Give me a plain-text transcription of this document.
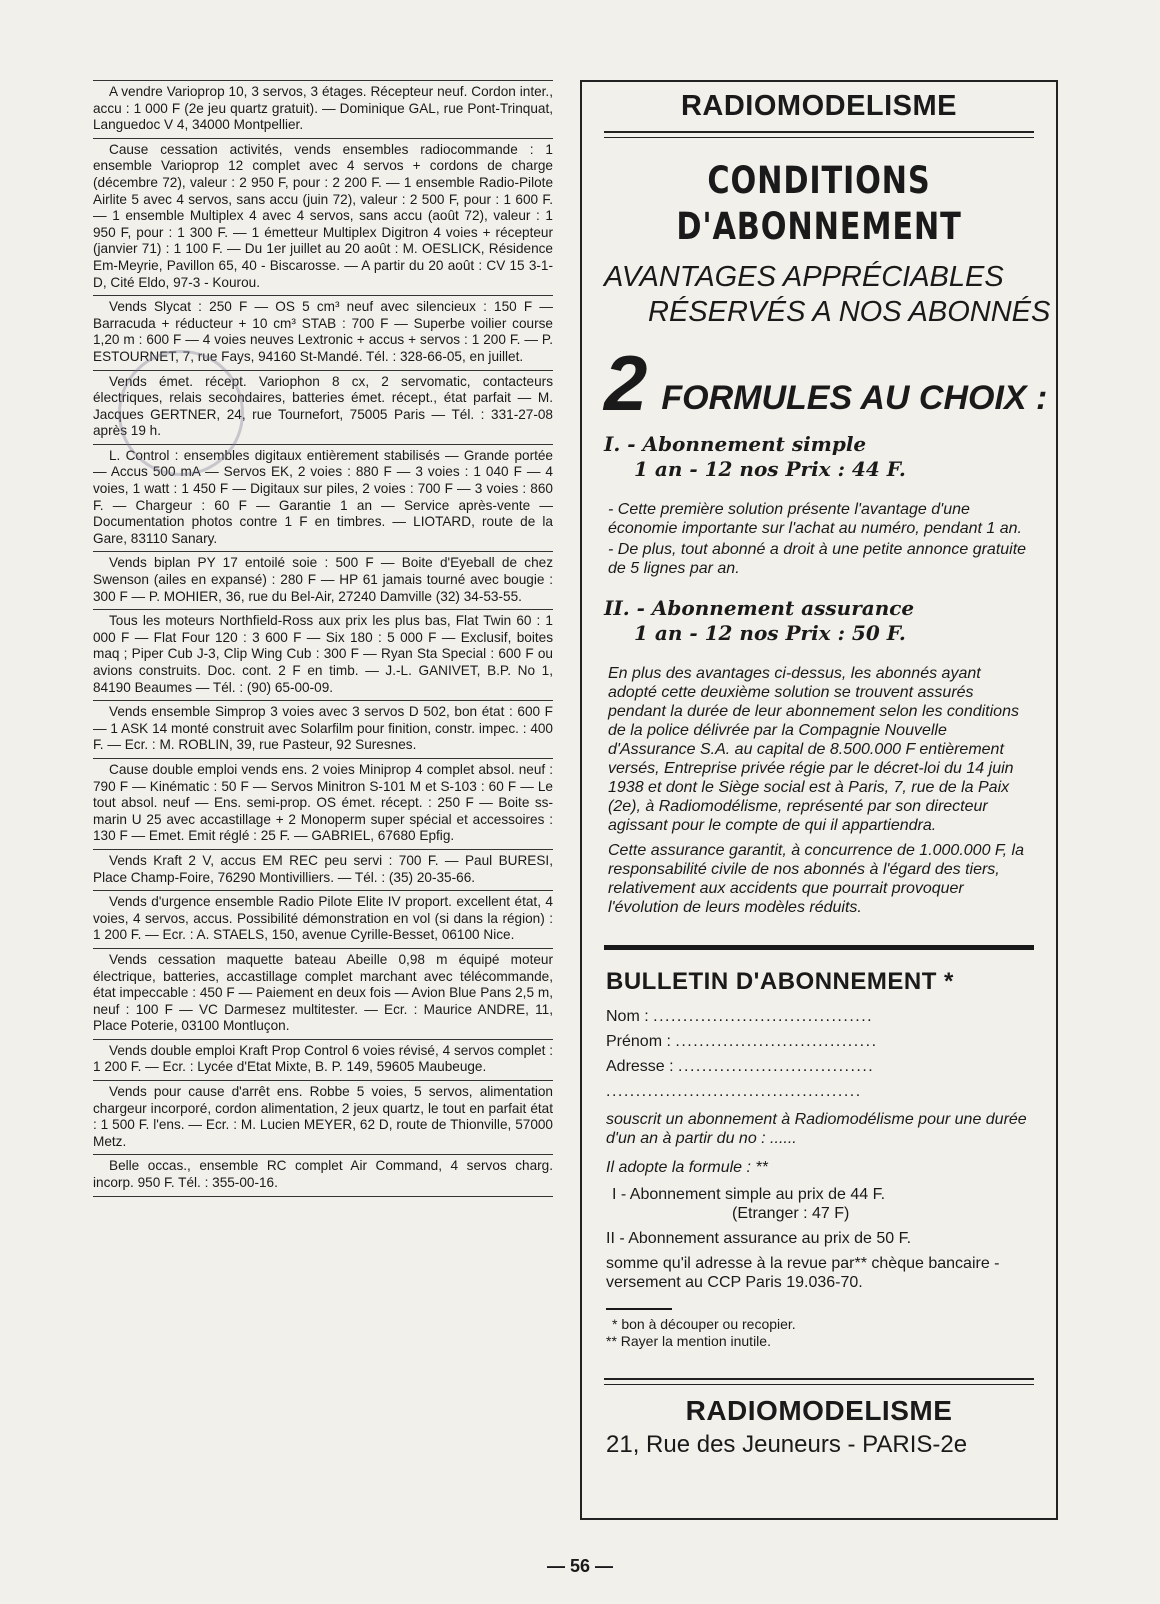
A vendre Varioprop 10, 3 servos, 3 étages. Récepteur neuf. Cordon inter., accu : 1 000 F (2e jeu quartz gratuit). — Dominique GAL, rue Pont-Trinquat, Languedoc V 4, 34000 Montpellier.
Cause cessation activités, vends ensembles radiocommande : 1 ensemble Varioprop 12 complet avec 4 servos + cordons de charge (décembre 72), valeur : 2 950 F, pour : 2 200 F. — 1 ensemble Radio-Pilote Airlite 5 avec 4 servos, sans accu (juin 72), valeur : 2 500 F, pour : 1 600 F. — 1 ensemble Multiplex 4 avec 4 servos, sans accu (août 72), valeur : 1 950 F, pour : 1 300 F. — 1 émetteur Multiplex Digitron 4 voies + récepteur (janvier 71) : 1 100 F. — Du 1er juillet au 20 août : M. OESLICK, Résidence Em-Meyrie, Pavillon 65, 40 - Biscarosse. — A partir du 20 août : CV 15 3-1-D, Cité Eldo, 97-3 - Kourou.
Vends Slycat : 250 F — OS 5 cm³ neuf avec silencieux : 150 F — Barracuda + réducteur + 10 cm³ STAB : 700 F — Superbe voilier course 1,20 m : 600 F — 4 voies neuves Lextronic + accus + servos : 1 200 F. — P. ESTOURNET, 7, rue Fays, 94160 St-Mandé. Tél. : 328-66-05, en juillet.
Vends émet. récept. Variophon 8 cx, 2 servomatic, contacteurs électriques, relais secondaires, batteries émet. récept., état parfait — M. Jacques GERTNER, 24, rue Tournefort, 75005 Paris — Tél. : 331-27-08 après 19 h.
L. Control : ensembles digitaux entièrement stabilisés — Grande portée — Accus 500 mA — Servos EK, 2 voies : 880 F — 3 voies : 1 040 F — 4 voies, 1 watt : 1 450 F — Digitaux sur piles, 2 voies : 700 F — 3 voies : 860 F. — Chargeur : 60 F — Garantie 1 an — Service après-vente — Documentation photos contre 1 F en timbres. — LIOTARD, route de la Gare, 83110 Sanary.
Vends biplan PY 17 entoilé soie : 500 F — Boite d'Eyeball de chez Swenson (ailes en expansé) : 280 F — HP 61 jamais tourné avec bougie : 300 F — P. MOHIER, 36, rue du Bel-Air, 27240 Damville (32) 34-53-55.
Tous les moteurs Northfield-Ross aux prix les plus bas, Flat Twin 60 : 1 000 F — Flat Four 120 : 3 600 F — Six 180 : 5 000 F — Exclusif, boites maq ; Piper Cub J-3, Clip Wing Cub : 300 F — Ryan Sta Special : 600 F ou avions construits. Doc. cont. 2 F en timb. — J.-L. GANIVET, B.P. No 1, 84190 Beaumes — Tél. : (90) 65-00-09.
Vends ensemble Simprop 3 voies avec 3 servos D 502, bon état : 600 F — 1 ASK 14 monté construit avec Solarfilm pour finition, constr. impec. : 400 F. — Ecr. : M. ROBLIN, 39, rue Pasteur, 92 Suresnes.
Cause double emploi vends ens. 2 voies Miniprop 4 complet absol. neuf : 790 F — Kinématic : 50 F — Servos Minitron S-101 M et S-103 : 60 F — Le tout absol. neuf — Ens. semi-prop. OS émet. récept. : 250 F — Boite ss-marin U 25 avec accastillage + 2 Monoperm super spécial et accessoires : 130 F — Emet. Emit réglé : 25 F. — GABRIEL, 67680 Epfig.
Vends Kraft 2 V, accus EM REC peu servi : 700 F. — Paul BURESI, Place Champ-Foire, 76290 Montivilliers. — Tél. : (35) 20-35-66.
Vends d'urgence ensemble Radio Pilote Elite IV proport. excellent état, 4 voies, 4 servos, accus. Possibilité démonstration en vol (si dans la région) : 1 200 F. — Ecr. : A. STAELS, 150, avenue Cyrille-Besset, 06100 Nice.
Vends cessation maquette bateau Abeille 0,98 m équipé moteur électrique, batteries, accastillage complet marchant avec télécommande, état impeccable : 450 F — Paiement en deux fois — Avion Blue Pans 2,5 m, neuf : 100 F — VC Darmesez multitester. — Ecr. : Maurice ANDRE, 11, Place Poterie, 03100 Montluçon.
Vends double emploi Kraft Prop Control 6 voies révisé, 4 servos complet : 1 200 F. — Ecr. : Lycée d'Etat Mixte, B. P. 149, 59605 Maubeuge.
Vends pour cause d'arrêt ens. Robbe 5 voies, 5 servos, alimentation chargeur incorporé, cordon alimentation, 2 jeux quartz, le tout en parfait état : 1 500 F. l'ens. — Ecr. : M. Lucien MEYER, 62 D, route de Thionville, 57000 Metz.
Belle occas., ensemble RC complet Air Command, 4 servos charg. incorp. 950 F. Tél. : 355-00-16.
RADIOMODELISME
CONDITIONS
D'ABONNEMENT
AVANTAGES APPRÉCIABLES
RÉSERVÉS A NOS ABONNÉS
2 FORMULES AU CHOIX :
I. - Abonnement simple
1 an - 12 nos Prix : 44 F.
- Cette première solution présente l'avantage d'une économie importante sur l'achat au numéro, pendant 1 an.
- De plus, tout abonné a droit à une petite annonce gratuite de 5 lignes par an.
II. - Abonnement assurance
1 an - 12 nos Prix : 50 F.
En plus des avantages ci-dessus, les abonnés ayant adopté cette deuxième solution se trouvent assurés pendant la durée de leur abonnement selon les conditions de la police délivrée par la Compagnie Nouvelle d'Assurance S.A. au capital de 8.500.000 F entièrement versés, Entreprise privée régie par le décret-loi du 14 juin 1938 et dont le Siège social est à Paris, 7, rue de la Paix (2e), à Radiomodélisme, représenté par son directeur agissant pour le compte de qui il appartiendra.
Cette assurance garantit, à concurrence de 1.000.000 F, la responsabilité civile de nos abonnés à l'égard des tiers, relativement aux accidents que pourrait provoquer l'évolution de leurs modèles réduits.
BULLETIN D'ABONNEMENT *
Nom : .....................................
Prénom : ..................................
Adresse : .................................
...........................................
souscrit un abonnement à Radiomodélisme pour une durée d'un an à partir du no : ......
Il adopte la formule : **
I - Abonnement simple au prix de 44 F.
(Etranger : 47 F)
II - Abonnement assurance au prix de 50 F.
somme qu'il adresse à la revue par** chèque bancaire - versement au CCP Paris 19.036-70.
* bon à découper ou recopier.
** Rayer la mention inutile.
RADIOMODELISME
21, Rue des Jeuneurs - PARIS-2e
— 56 —
